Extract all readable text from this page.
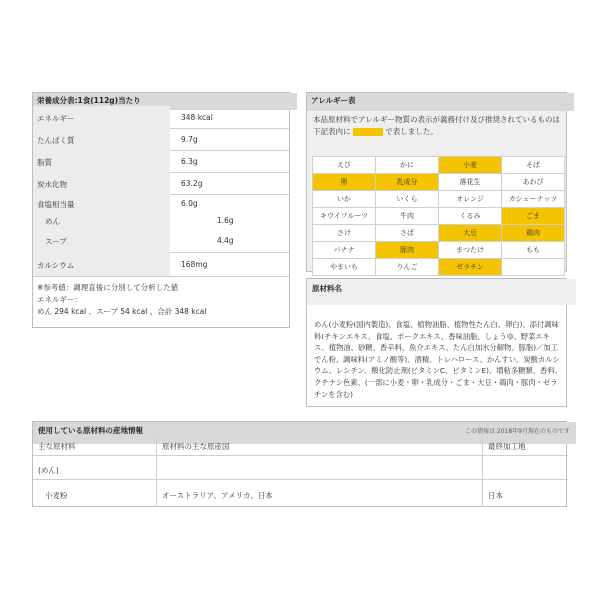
栄養成分表:1食(112g)当たり
エネルギー	348 kcal
たんぱく質	9.7g
脂質	6.3g
炭水化物	63.2g
食塩相当量	6.0g
めん	1.6g
スープ	4.4g
カルシウム	168mg
※参考値：調理直後に分別して分析した値
エネルギー：
めん 294 kcal 、スープ 54 kcal 、合計 348 kcal
アレルギー表
本品原材料でアレルギー物質の表示が義務付け及び推奨されているものは 下記表内に	で表しました。
えび	かに	小麦	そば
卵	乳成分	落花生	あわび
いか	いくら	オレンジ	カシューナッツ
キウイフルーツ	牛肉	くるみ	ごま
さけ	さば	大豆	鶏肉
バナナ	豚肉	まつたけ	もも
やまいも	りんご	ゼラチン
原材料名
めん(小麦粉(国内製造)、食塩、植物油脂、植物性たん白、卵白)、添付調味料(チキンエキス、食塩、ポークエキス、香味油脂、しょうゆ、野菜エキス、植物油、砂糖、香辛料、魚介エキス、たん白加水分解物、豚脂)／加工でん粉、調味料(アミノ酸等)、酒精、トレハロース、かんすい、炭酸カルシウム、レシチン、酸化防止剤(ビタミンC、ビタミンE)、増粘多糖類、香料、クチナシ色素、(一部に小麦・卵・乳成分・ごま・大豆・鶏肉・豚肉・ゼラチンを含む)
使用している原材料の産地情報	この情報は 2018年9月現在のものです
主な原材料	原材料の主な原産国	最終加工地
(めん)
小麦粉	オーストラリア、アメリカ、日本	日本
